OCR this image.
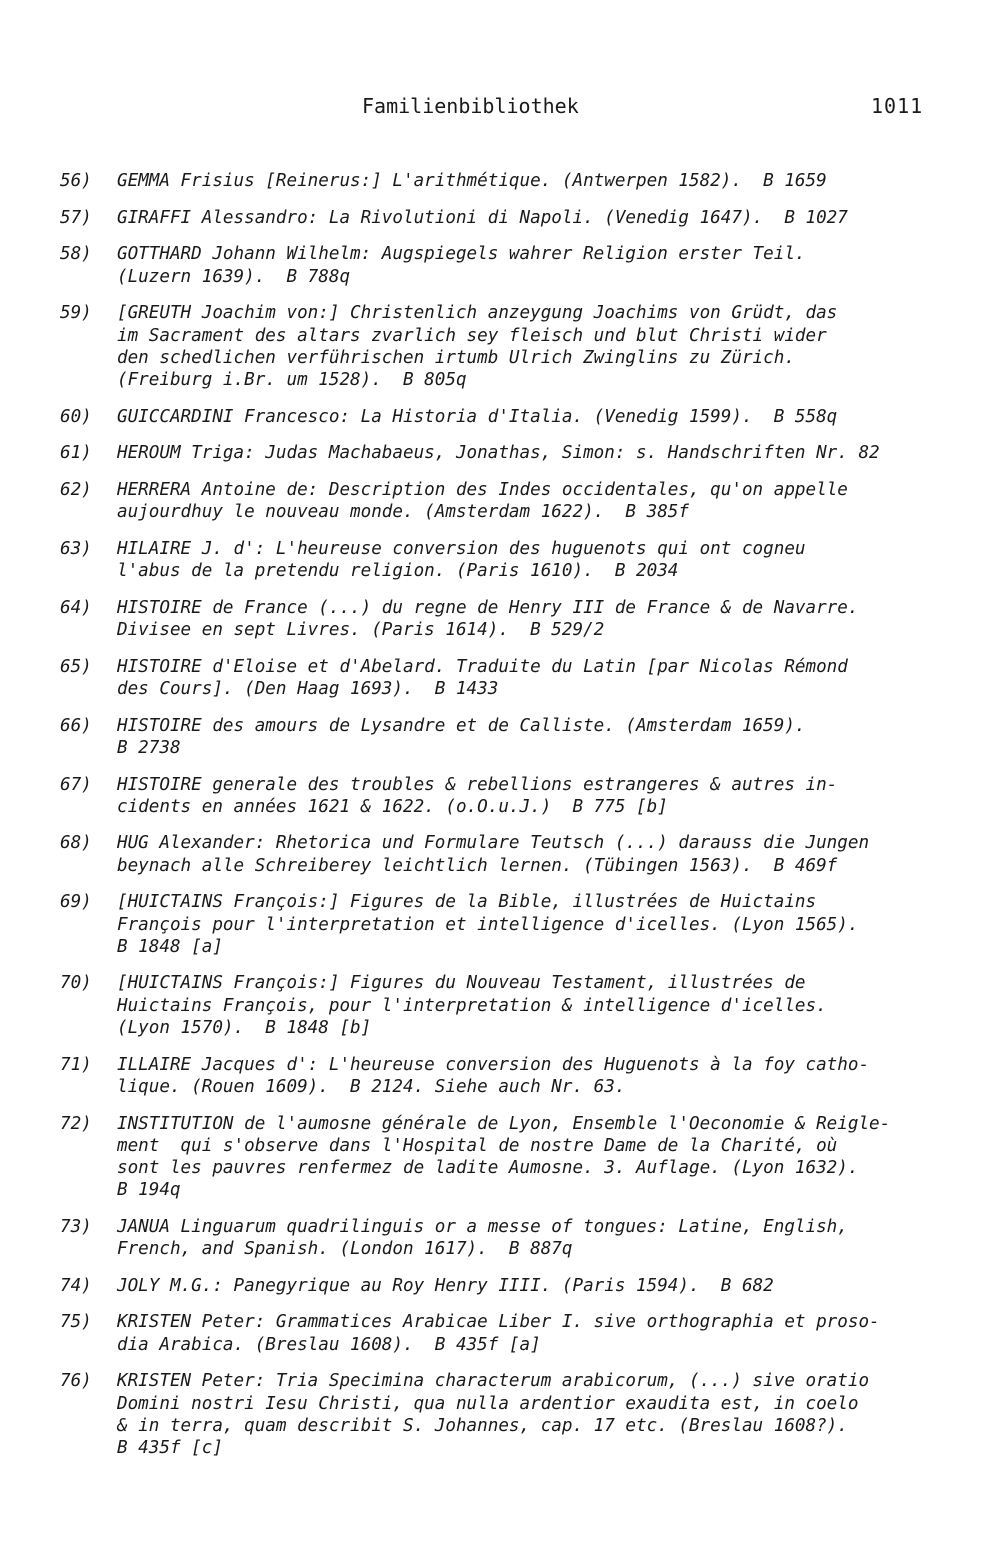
Familienbibliothek	1011
56)	GEMMA Frisius [Reinerus:] L'arithmétique. (Antwerpen 1582).  B 1659
57)	GIRAFFI Alessandro: La Rivolutioni di Napoli. (Venedig 1647).  B 1027
58)	GOTTHARD Johann Wilhelm: Augspiegels wahrer Religion erster Teil.
(Luzern 1639).  B 788q
59)	[GREUTH Joachim von:] Christenlich anzeygung Joachims von Grüdt, das
im Sacrament des altars zvarlich sey fleisch und blut Christi wider
den schedlichen verführischen irtumb Ulrich Zwinglins zu Zürich.
(Freiburg i.Br. um 1528).  B 805q
60)	GUICCARDINI Francesco: La Historia d'Italia. (Venedig 1599).  B 558q
61)	HEROUM Triga: Judas Machabaeus, Jonathas, Simon: s. Handschriften Nr. 82
62)	HERRERA Antoine de: Description des Indes occidentales, qu'on appelle
aujourdhuy le nouveau monde. (Amsterdam 1622).  B 385f
63)	HILAIRE J. d': L'heureuse conversion des huguenots qui ont cogneu
l'abus de la pretendu religion. (Paris 1610).  B 2034
64)	HISTOIRE de France (...) du regne de Henry III de France & de Navarre.
Divisee en sept Livres. (Paris 1614).  B 529/2
65)	HISTOIRE d'Eloise et d'Abelard. Traduite du Latin [par Nicolas Rémond
des Cours]. (Den Haag 1693).  B 1433
66)	HISTOIRE des amours de Lysandre et de Calliste. (Amsterdam 1659).
B 2738
67)	HISTOIRE generale des troubles & rebellions estrangeres & autres in-
cidents en années 1621 & 1622. (o.O.u.J.)  B 775 [b]
68)	HUG Alexander: Rhetorica und Formulare Teutsch (...) darauss die Jungen
beynach alle Schreiberey leichtlich lernen. (Tübingen 1563).  B 469f
69)	[HUICTAINS François:] Figures de la Bible, illustrées de Huictains
François pour l'interpretation et intelligence d'icelles. (Lyon 1565).
B 1848 [a]
70)	[HUICTAINS François:] Figures du Nouveau Testament, illustrées de
Huictains François, pour l'interpretation & intelligence d'icelles.
(Lyon 1570).  B 1848 [b]
71)	ILLAIRE Jacques d': L'heureuse conversion des Huguenots à la foy catho-
lique. (Rouen 1609).  B 2124. Siehe auch Nr. 63.
72)	INSTITUTION de l'aumosne générale de Lyon, Ensemble l'Oeconomie & Reigle-
ment  qui s'observe dans l'Hospital de nostre Dame de la Charité, où
sont les pauvres renfermez de ladite Aumosne. 3. Auflage. (Lyon 1632).
B 194q
73)	JANUA Linguarum quadrilinguis or a messe of tongues: Latine, English,
French, and Spanish. (London 1617).  B 887q
74)	JOLY M.G.: Panegyrique au Roy Henry IIII. (Paris 1594).  B 682
75)	KRISTEN Peter: Grammatices Arabicae Liber I. sive orthographia et proso-
dia Arabica. (Breslau 1608).  B 435f [a]
76)	KRISTEN Peter: Tria Specimina characterum arabicorum, (...) sive oratio
Domini nostri Iesu Christi, qua nulla ardentior exaudita est, in coelo
& in terra, quam describit S. Johannes, cap. 17 etc. (Breslau 1608?).
B 435f [c]
